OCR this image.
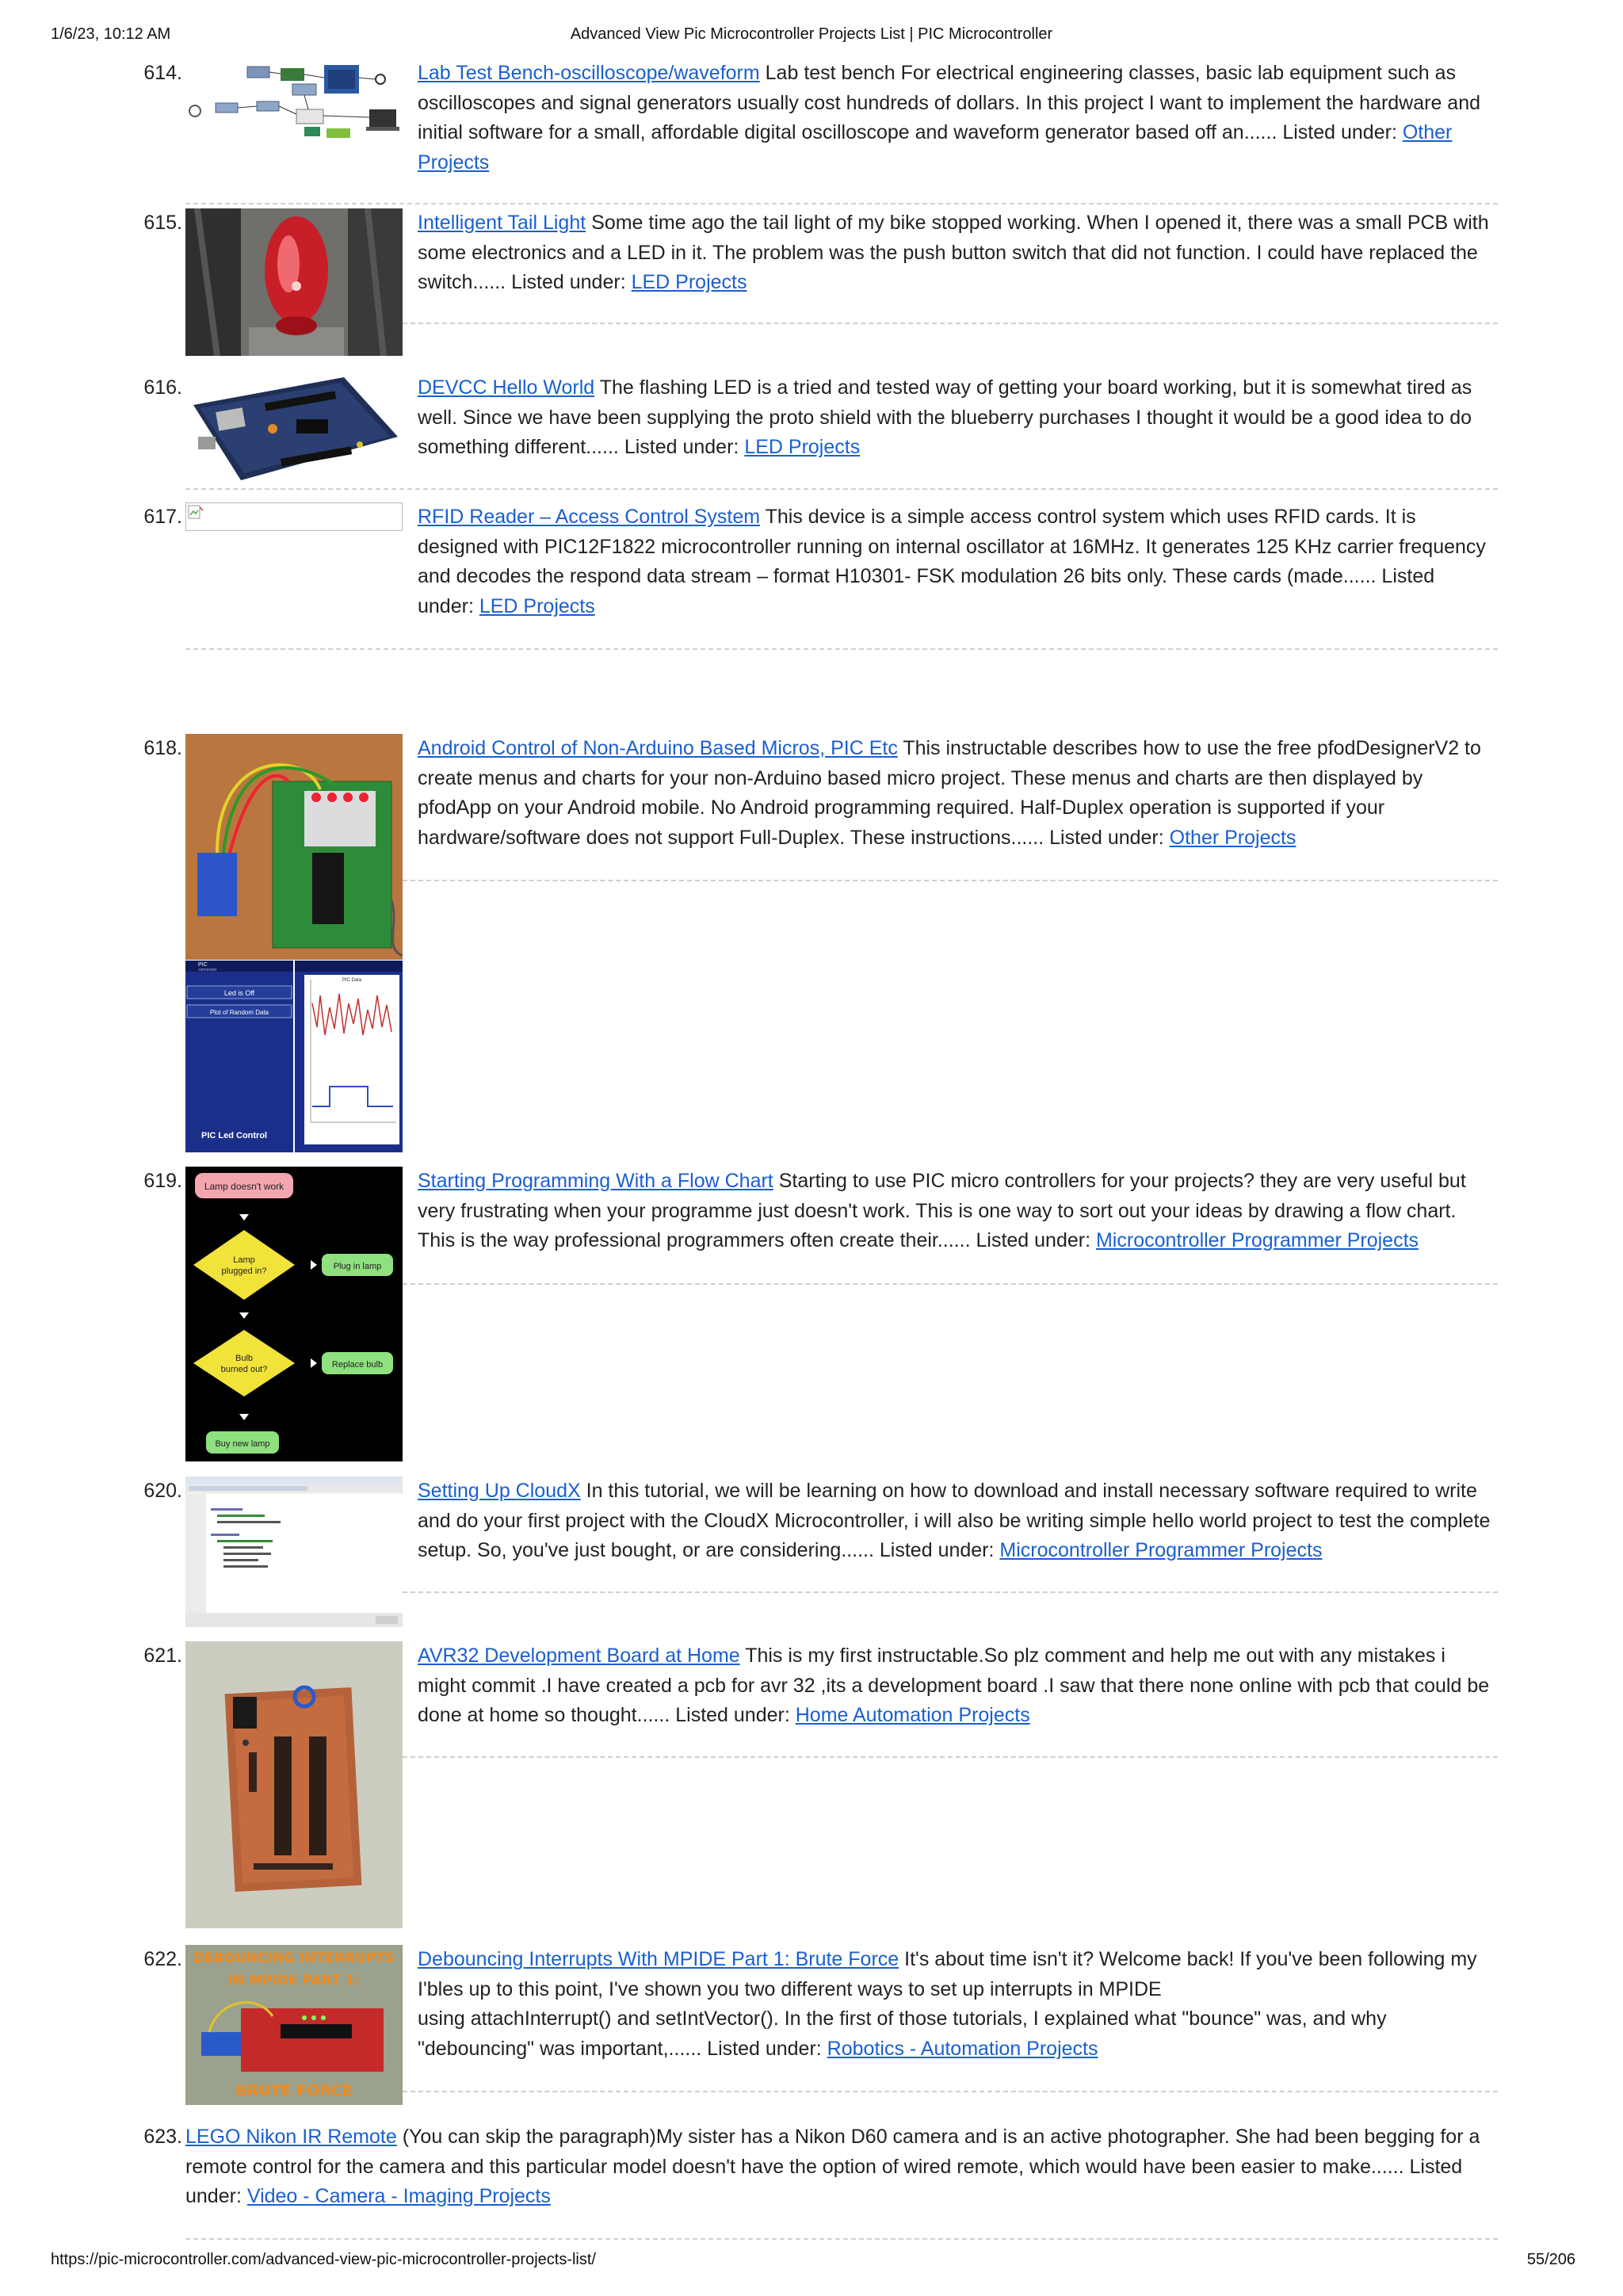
1/6/23, 10:12 AM	Advanced View Pic Microcontroller Projects List | PIC Microcontroller
614.	Lab Test Bench-oscilloscope/waveform Lab test bench For electrical engineering classes, basic lab equipment such as oscilloscopes and signal generators usually cost hundreds of dollars. In this project I want to implement the hardware and initial software for a small, affordable digital oscilloscope and waveform generator based off an...... Listed under: Other Projects
615.	Intelligent Tail Light Some time ago the tail light of my bike stopped working. When I opened it, there was a small PCB with some electronics and a LED in it. The problem was the push button switch that did not function. I could have replaced the switch...... Listed under: LED Projects
616.	DEVCC Hello World The flashing LED is a tried and tested way of getting your board working, but it is somewhat tired as well. Since we have been supplying the proto shield with the blueberry purchases I thought it would be a good idea to do something different...... Listed under: LED Projects
617.	RFID Reader – Access Control System This device is a simple access control system which uses RFID cards. It is designed with PIC12F1822 microcontroller running on internal oscillator at 16MHz. It generates 125 KHz carrier frequency and decodes the respond data stream – format H10301- FSK modulation 26 bits only. These cards (made...... Listed under: LED Projects
618.
PIC
connected
Led is Off
Plot of Random Data
PIC Data
PIC Led Control
Android Control of Non-Arduino Based Micros, PIC Etc This instructable describes how to use the free pfodDesignerV2 to create menus and charts for your non-Arduino based micro project. These menus and charts are then displayed by pfodApp on your Android mobile. No Android programming required. Half-Duplex operation is supported if your hardware/software does not support Full-Duplex. These instructions...... Listed under: Other Projects
619. Lamp doesn't work
Lamp
plugged in?	Plug in lamp
Bulb
burned out?	Replace bulb
Buy new lamp
Starting Programming With a Flow Chart Starting to use PIC micro controllers for your projects? they are very useful but very frustrating when your programme just doesn't work. This is one way to sort out your ideas by drawing a flow chart. This is the way professional programmers often create their...... Listed under: Microcontroller Programmer Projects
620.	Setting Up CloudX In this tutorial, we will be learning on how to download and install necessary software required to write and do your first project with the CloudX Microcontroller, i will also be writing simple hello world project to test the complete setup. So, you've just bought, or are considering...... Listed under: Microcontroller Programmer Projects
621.	AVR32 Development Board at Home This is my first instructable.So plz comment and help me out with any mistakes i might commit .I have created a pcb for avr 32 ,its a development board .I saw that there none online with pcb that could be done at home so thought...... Listed under: Home Automation Projects
622. DEBOUNCING INTERRUPTS
IN MPIDE PART 1:
BRUTE FORCE
Debouncing Interrupts With MPIDE Part 1: Brute Force It's about time isn't it? Welcome back! If you've been following my I'bles up to this point, I've shown you two different ways to set up interrupts in MPIDE
using attachInterrupt() and setIntVector(). In the first of those tutorials, I explained what "bounce" was, and why "debouncing" was important,...... Listed under: Robotics - Automation Projects
623. LEGO Nikon IR Remote (You can skip the paragraph)My sister has a Nikon D60 camera and is an active photographer. She had been begging for a remote control for the camera and this particular model doesn't have the option of wired remote, which would have been easier to make...... Listed
under: Video - Camera - Imaging Projects
https://pic-microcontroller.com/advanced-view-pic-microcontroller-projects-list/	55/206
